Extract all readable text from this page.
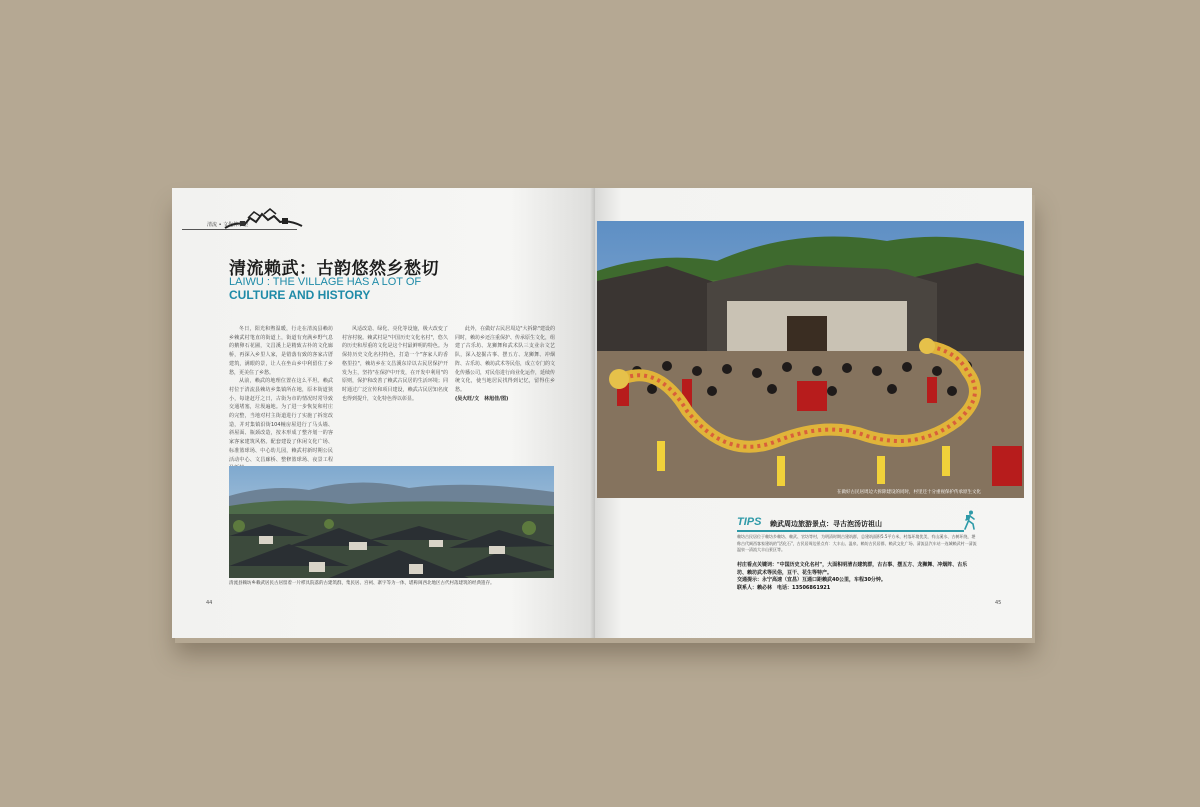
清流 • 文化传承型
清流赖武：古韵悠然乡愁切
LAIWU : THE VILLAGE HAS A LOT OF
CULTURE AND HISTORY

冬日，阳光和煦温暖，行走在清流县赖坊乡赖武村笔直的街道上，街道有充满乡野气息的鹅卵石花圃，文昌溪上是精致古朴的文化廊桥，再深入乡里人家，是错落有致的客家古厝建筑，满眼的景，让人在坐山乡中利留住了乡愁，更美住了乡愁。

从前，赖武的地理位置在这么平坦。赖武村位于清流县赖坊乡集镇所在地，原本街道狭小，每逢赶圩之日，古街为市的情况时常导致交通堵塞，垃圾遍地。为了进一步恢复和村庄的完整，当地对村主街道进行了实施了拆宽改造，并对集镇沿街104幢房屋进行了马头墙、斜屋面、瓶颈改造，按本形成了整齐划一的客家客家建筑风格。配套建设了休闲文化广场、标准篮球场、中心幼儿园，赖武村新时期公民活动中心、文昌廊桥、整修篮球场、夜景工程

风适改造、绿化、亮化等设施，极大改变了村容村貌。赖武村是"中国历史文化名村"，悠久的历史和厚重的文化是这个村最鲜明的特色。为保持历史文化名村特色，打造一个"客家人的香格里拉"，赖坊乡在文昌溪东岸以古民居保护开发为主，坚持"在保护中开发，在开发中利用"的原则，保护和改善了赖武古民居的生活环境；同时通过广泛宣传和项目建设，赖武古民居知名度也得到提升，文化特色得以彰显。

此外，在做好古民居周边"大拆除"建设的同时，赖坊乡还注重保护、传承原生文化，组建了古乐坊、龙狮舞和武术队三支业余文艺队，深入挖掘古事、摆五方、龙狮舞、冲烟阵、古乐坊、赖坊武术等民俗，成立专门的文化传播公司，对民俗进行商业化运作，延续传统文化，使当地居民找得到记忆，留得住乡愁。

(吴火旺/文　林旭佳/图)
清流县赖坊乡赖武居民古居留着一片栉具院落的古建筑群，集民居、宫祠、寨宇等为一体，堪称闽西北地区古代村落建筑的经典遗存。
44
在做好古民居周边大拆除建设的同时，村里还十分重视保护传承原生文化
TIPS 赖武周边旅游景点：寻古泡汤访祖山
赖坊古民居位于赖坊乡赖坊、赖武、官坊等村，为明清时期古建筑群，总建筑面积5.5平方米，村落环境优美，有山溪水、古树环绕，堪称古代闽西客家建筑的"活化石"，古民居周边景点有：大丰山、温泉、赖坊古民居群、赖武文化广场、清流县汽车站一连城赖武村一清流温泉一清流大丰山景区等。
村庄看点关键词："中国历史文化名村"，大面积明清古建筑群，古古事、摆五方、龙狮舞、冲烟阵、古乐坊、赖坊武术等民俗，豆干、花生等特产。
交通提示：永宁高速（宜昌）互通口距赖武40公里，车程30分钟。
联系人：赖必林　电话：13506861921
45
